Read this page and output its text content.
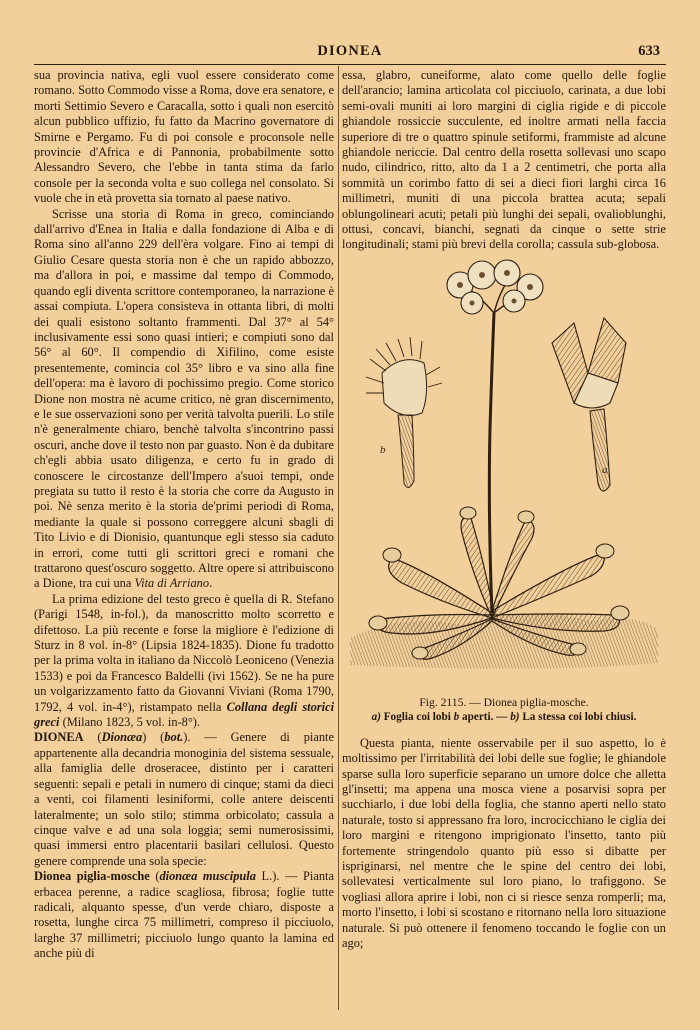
DIONEA	633

sua provincia nativa, egli vuol essere considerato come romano. Sotto Commodo visse a Roma, dove era senatore, e morti Settimio Severo e Caracalla, sotto i quali non esercitò alcun pubblico uffizio, fu fatto da Macrino governatore di Smirne e Pergamo. Fu di poi console e proconsole nelle provincie d'Africa e di Pannonia, probabilmente sotto Alessandro Severo, che l'ebbe in tanta stima da farlo console per la seconda volta e suo collega nel consolato. Si vuole che in età provetta sia tornato al paese nativo.

Scrisse una storia di Roma in greco, cominciando dall'arrivo d'Enea in Italia e dalla fondazione di Alba e di Roma sino all'anno 229 dell'èra volgare. Fino ai tempi di Giulio Cesare questa storia non è che un rapido abbozzo, ma d'allora in poi, e massime dal tempo di Commodo, quando egli diventa scrittore contemporaneo, la narrazione è assai compiuta. L'opera consisteva in ottanta libri, di molti dei quali esistono soltanto frammenti. Dal 37° al 54° inclusivamente essi sono quasi intieri; e compiuti sono dal 56° al 60°. Il compendio di Xifilino, come esiste presentemente, comincia col 35° libro e va sino alla fine dell'opera: ma è lavoro di pochissimo pregio. Come storico Dione non mostra nè acume critico, nè gran discernimento, e le sue osservazioni sono per verità talvolta puerili. Lo stile n'è generalmente chiaro, benchè talvolta s'incontrino passi oscuri, anche dove il testo non par guasto. Non è da dubitare ch'egli abbia usato diligenza, e certo fu in grado di conoscere le circostanze dell'Impero a'suoi tempi, onde pregiata su tutto il resto è la storia che corre da Augusto in poi. Nè senza merito è la storia de'primi periodi di Roma, mediante la quale si possono correggere alcuni sbagli di Tito Livio e di Dionisio, quantunque egli stesso sia caduto in errori, come tutti gli scrittori greci e romani che trattarono quest'oscuro soggetto. Altre opere si attribuiscono a Dione, tra cui una Vita di Arriano.

La prima edizione del testo greco è quella di R. Stefano (Parigi 1548, in-fol.), da manoscritto molto scorretto e difettoso. La più recente e forse la migliore è l'edizione di Sturz in 8 vol. in-8° (Lipsia 1824-1835). Dione fu tradotto per la prima volta in italiano da Niccolò Leoniceno (Venezia 1533) e poi da Francesco Baldelli (ivi 1562). Se ne ha pure un volgarizzamento fatto da Giovanni Viviani (Roma 1790, 1792, 4 vol. in-4°), ristampato nella Collana degli storici greci (Milano 1823, 5 vol. in-8°).

DIONEA (Dionæa) (bot.). — Genere di piante appartenente alla decandria monoginia del sistema sessuale, alla famiglia delle droseracee, distinto per i caratteri seguenti: sepali e petali in numero di cinque; stami da dieci a venti, coi filamenti lesiniformi, colle antere deiscenti lateralmente; un solo stilo; stimma orbicolato; cassula a cinque valve e ad una sola loggia; semi numerosissimi, quasi immersi entro placentarii basilari cellulosi. Questo genere comprende una sola specie:

Dionea piglia-mosche (dionæa muscipula L.). — Pianta erbacea perenne, a radice scagliosa, fibrosa; foglie tutte radicali, alquanto spesse, d'un verde chiaro, disposte a rosetta, lunghe circa 75 millimetri, compreso il picciuolo, larghe 37 millimetri; picciuolo lungo quanto la lamina ed anche più di

essa, glabro, cuneiforme, alato come quello delle foglie dell'arancio; lamina articolata col picciuolo, carinata, a due lobi semi-ovali muniti ai loro margini di ciglia rigide e di piccole ghiandole rossiccie succulente, ed inoltre armati nella faccia superiore di tre o quattro spinule setiformi, frammiste ad alcune ghiandole nericcie. Dal centro della rosetta sollevasi uno scapo nudo, cilindrico, ritto, alto da 1 a 2 centimetri, che porta alla sommità un corimbo fatto di sei a dieci fiori larghi circa 16 millimetri, muniti di una piccola brattea acuta; sepali oblungolineari acuti; petali più lunghi dei sepali, ovalioblunghi, ottusi, concavi, bianchi, segnati da cinque o sette strie longitudinali; stami più brevi della corolla; cassula sub-globosa.

a
b
Fig. 2115. — Dionea piglia-mosche.
a) Foglia coi lobi b aperti. — b) La stessa coi lobi chiusi.

Questa pianta, niente osservabile per il suo aspetto, lo è moltissimo per l'irritabilità dei lobi delle sue foglie; le ghiandole sparse sulla loro superficie separano un umore dolce che alletta gl'insetti; ma appena una mosca viene a posarvisi sopra per succhiarlo, i due lobi della foglia, che stanno aperti nello stato naturale, tosto si appressano fra loro, incrocicchiano le ciglia dei loro margini e ritengono imprigionato l'insetto, tanto più fortemente stringendolo quanto più esso si dibatte per ispriginarsi, nel mentre che le spine del centro dei lobi, sollevatesi verticalmente sul loro piano, lo trafiggono. Se vogliasi allora aprire i lobi, non ci si riesce senza romperli; ma, morto l'insetto, i lobi si scostano e ritornano nella loro situazione naturale. Si può ottenere il fenomeno toccando le foglie con un ago;
